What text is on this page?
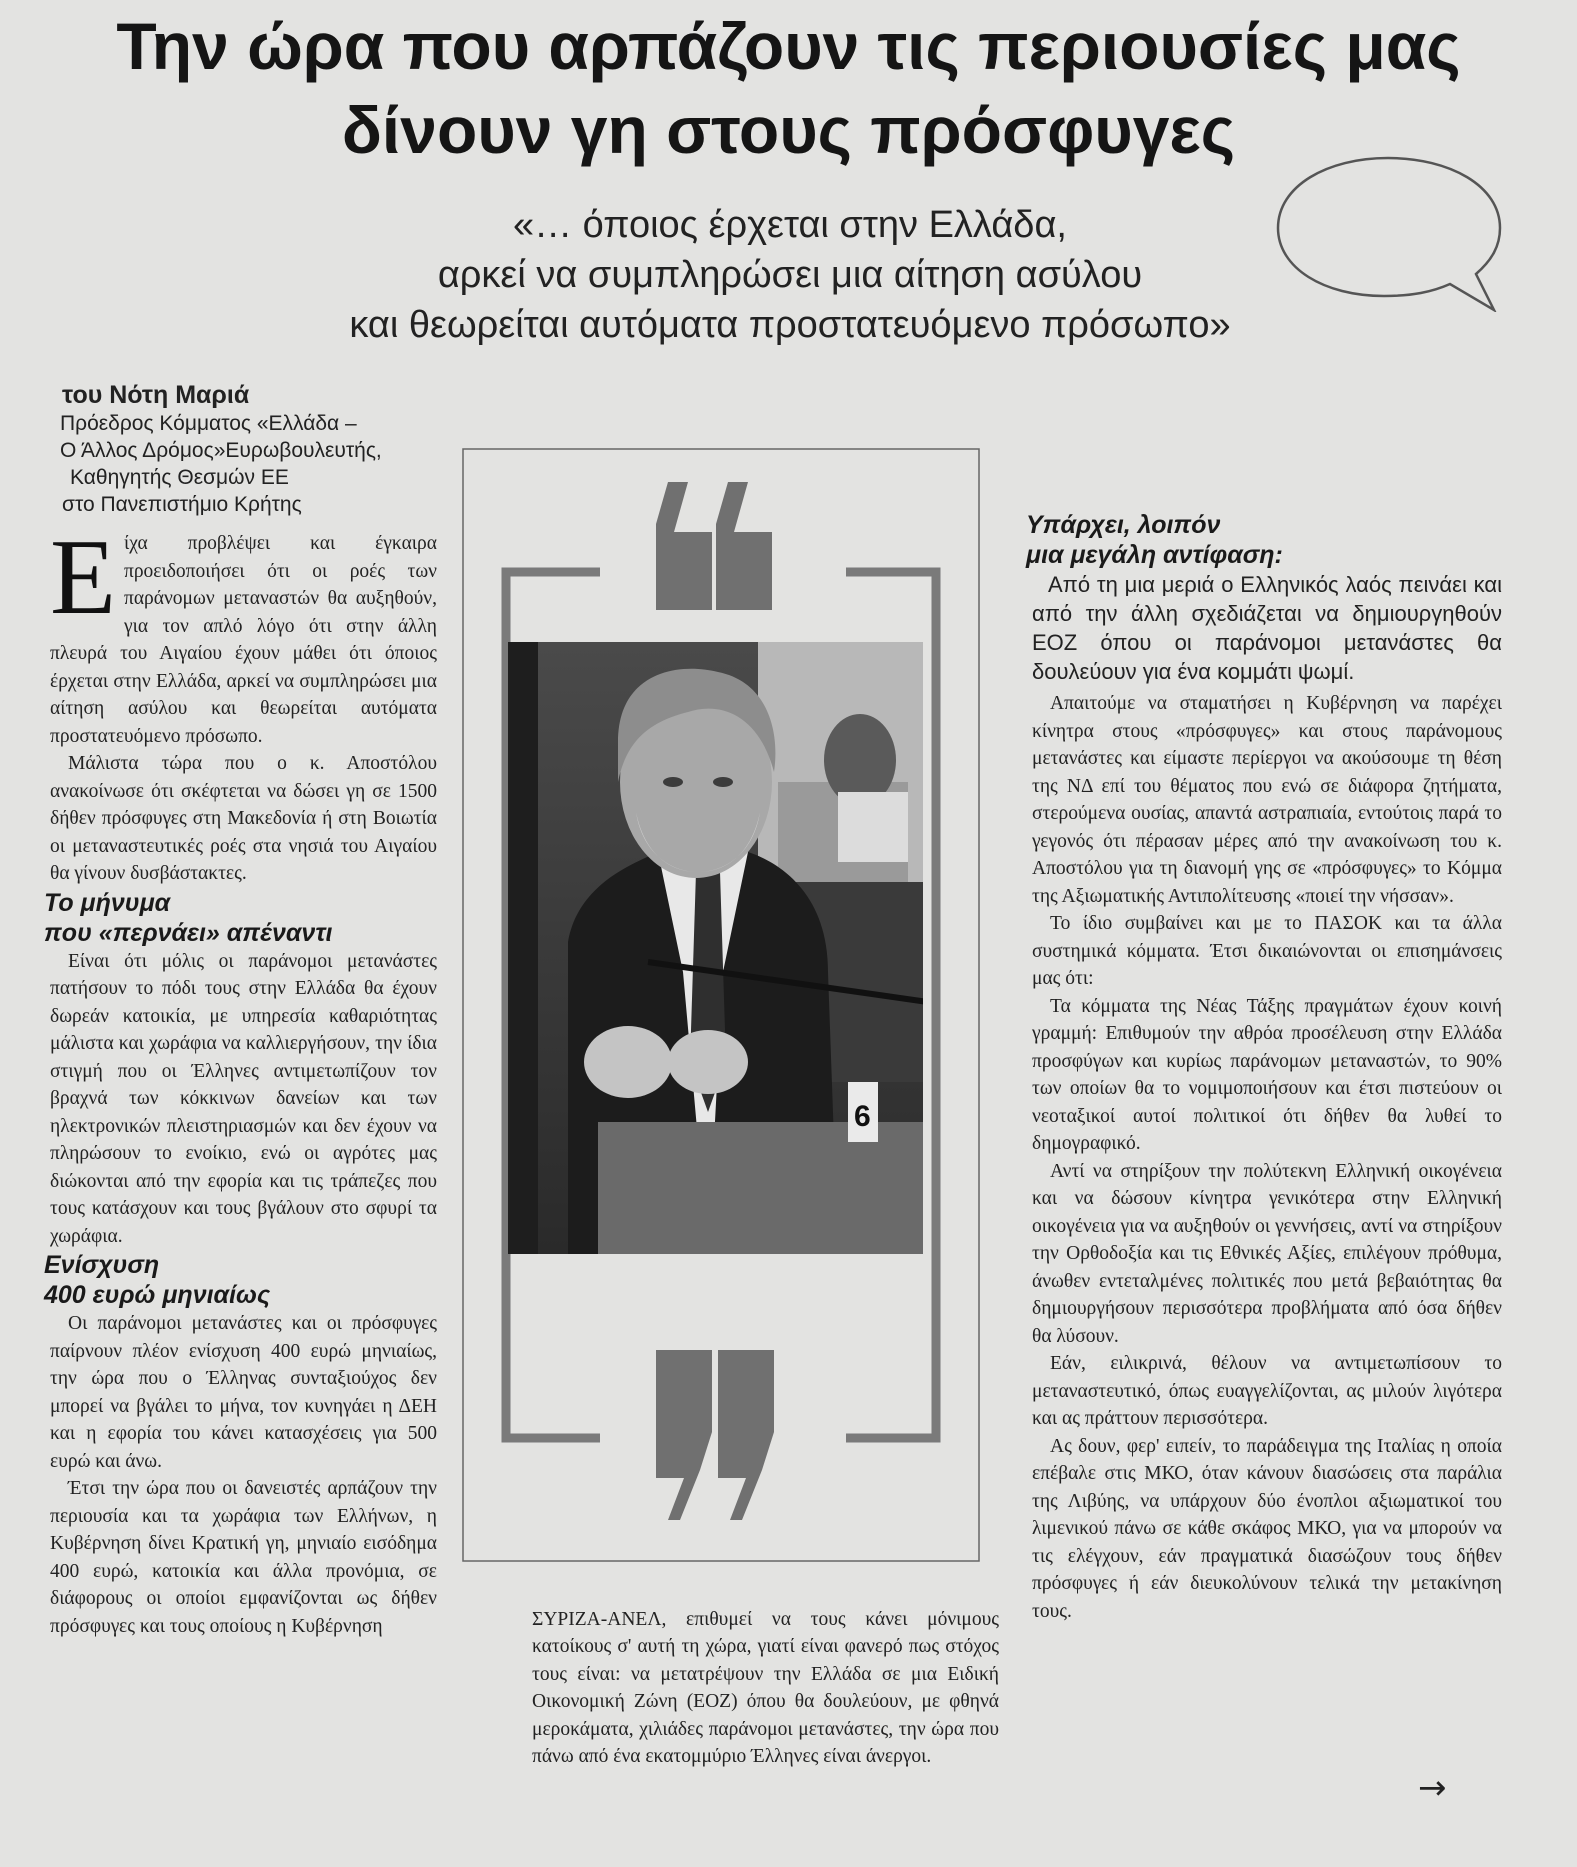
Την ώρα που αρπάζουν τις περιουσίες μας
δίνουν γη στους πρόσφυγες
«… όποιος έρχεται στην Ελλάδα,
αρκεί να συμπληρώσει μια αίτηση ασύλου
και θεωρείται αυτόματα προστατευόμενο πρόσωπο»

του Νότη Μαριά

Πρόεδρος Κόμματος «Ελλάδα –
Ο Άλλος Δρόμος»Ευρωβουλευτής,
Καθηγητής Θεσμών ΕΕ
στο Πανεπιστήμιο Κρήτης

Είχα προβλέψει και έγκαιρα προειδοποιήσει ότι οι ροές των παράνομων μεταναστών θα αυξηθούν, για τον απλό λόγο ότι στην άλλη πλευρά του Αιγαίου έχουν μάθει ότι όποιος έρχεται στην Ελλάδα, αρκεί να συμπληρώσει μια αίτηση ασύλου και θεωρείται αυτόματα προστατευόμενο πρόσωπο.

Μάλιστα τώρα που ο κ. Αποστόλου ανακοίνωσε ότι σκέφτεται να δώσει γη σε 1500 δήθεν πρόσφυγες στη Μακεδονία ή στη Βοιωτία οι μεταναστευτικές ροές στα νησιά του Αιγαίου θα γίνουν δυσβάστακτες.

Το μήνυμα
που «περνάει» απέναντι

Είναι ότι μόλις οι παράνομοι μετανάστες πατήσουν το πόδι τους στην Ελλάδα θα έχουν δωρεάν κατοικία, με υπηρεσία καθαριότητας μάλιστα και χωράφια να καλλιεργήσουν, την ίδια στιγμή που οι Έλληνες αντιμετωπίζουν τον βραχνά των κόκκινων δανείων και των ηλεκτρονικών πλειστηριασμών και δεν έχουν να πληρώσουν το ενοίκιο, ενώ οι αγρότες μας διώκονται από την εφορία και τις τράπεζες που τους κατάσχουν και τους βγάλουν στο σφυρί τα χωράφια.

Ενίσχυση
400 ευρώ μηνιαίως

Οι παράνομοι μετανάστες και οι πρόσφυγες παίρνουν πλέον ενίσχυση 400 ευρώ μηνιαίως, την ώρα που ο Έλληνας συνταξιούχος δεν μπορεί να βγάλει το μήνα, τον κυνηγάει η ΔΕΗ και η εφορία του κάνει κατασχέσεις για 500 ευρώ και άνω.

Έτσι την ώρα που οι δανειστές αρπάζουν την περιουσία και τα χωράφια των Ελλήνων, η Κυβέρνηση δίνει Κρατική γη, μηνιαίο εισόδημα 400 ευρώ, κατοικία και άλλα προνόμια, σε διάφορους οι οποίοι εμφανίζονται ως δήθεν πρόσφυγες και τους οποίους η Κυβέρνηση

6

ΣΥΡΙΖΑ-ΑΝΕΛ, επιθυμεί να τους κάνει μόνιμους κατοίκους σ' αυτή τη χώρα, γιατί είναι φανερό πως στόχος τους είναι: να μετατρέψουν την Ελλάδα σε μια Ειδική Οικονομική Ζώνη (ΕΟΖ) όπου θα δουλεύουν, με φθηνά μεροκάματα, χιλιάδες παράνομοι μετανάστες, την ώρα που πάνω από ένα εκατομμύριο Έλληνες είναι άνεργοι.

Υπάρχει, λοιπόν
μια μεγάλη αντίφαση:

Από τη μια μεριά ο Ελληνικός λαός πεινάει και από την άλλη σχεδιάζεται να δημιουργηθούν ΕΟΖ όπου οι παράνομοι μετανάστες θα δουλεύουν για ένα κομμάτι ψωμί.

Απαιτούμε να σταματήσει η Κυβέρνηση να παρέχει κίνητρα στους «πρόσφυγες» και στους παράνομους μετανάστες και είμαστε περίεργοι να ακούσουμε τη θέση της ΝΔ επί του θέματος που ενώ σε διάφορα ζητήματα, στερούμενα ουσίας, απαντά αστραπιαία, εντούτοις παρά το γεγονός ότι πέρασαν μέρες από την ανακοίνωση του κ. Αποστόλου για τη διανομή γης σε «πρόσφυγες» το Κόμμα της Αξιωματικής Αντιπολίτευσης «ποιεί την νήσσαν».

Το ίδιο συμβαίνει και με το ΠΑΣΟΚ και τα άλλα συστημικά κόμματα. Έτσι δικαιώνονται οι επισημάνσεις μας ότι:

Τα κόμματα της Νέας Τάξης πραγμάτων έχουν κοινή γραμμή: Επιθυμούν την αθρόα προσέλευση στην Ελλάδα προσφύγων και κυρίως παράνομων μεταναστών, το 90% των οποίων θα το νομιμοποιήσουν και έτσι πιστεύουν οι νεοταξικοί αυτοί πολιτικοί ότι δήθεν θα λυθεί το δημογραφικό.

Αντί να στηρίξουν την πολύτεκνη Ελληνική οικογένεια και να δώσουν κίνητρα γενικότερα στην Ελληνική οικογένεια για να αυξηθούν οι γεννήσεις, αντί να στηρίξουν την Ορθοδοξία και τις Εθνικές Αξίες, επιλέγουν πρόθυμα, άνωθεν εντεταλμένες πολιτικές που μετά βεβαιότητας θα δημιουργήσουν περισσότερα προβλήματα από όσα δήθεν θα λύσουν.

Εάν, ειλικρινά, θέλουν να αντιμετωπίσουν το μεταναστευτικό, όπως ευαγγελίζονται, ας μιλούν λιγότερα και ας πράττουν περισσότερα.

Ας δουν, φερ' ειπείν, το παράδειγμα της Ιταλίας η οποία επέβαλε στις ΜΚΟ, όταν κάνουν διασώσεις στα παράλια της Λιβύης, να υπάρχουν δύο ένοπλοι αξιωματικοί του λιμενικού πάνω σε κάθε σκάφος ΜΚΟ, για να μπορούν να τις ελέγχουν, εάν πραγματικά διασώζουν τους δήθεν πρόσφυγες ή εάν διευκολύνουν τελικά την μετακίνηση τους.

→
